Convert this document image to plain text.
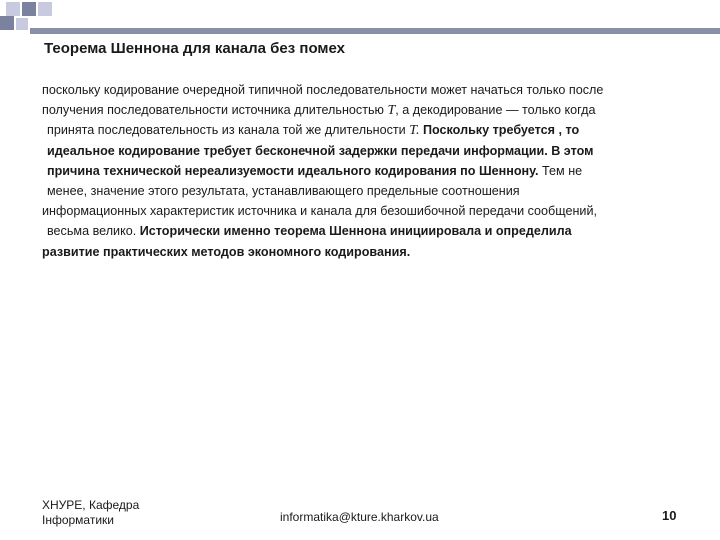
Теорема Шеннона для канала без помех
поскольку кодирование очередной типичной последовательности может начаться только после
получения последовательности источника длительностью T, а декодирование — только когда
принята последовательность из канала той же длительности T. Поскольку требуется , то
идеальное кодирование требует бесконечной задержки передачи информации. В этом
причина технической нереализуемости идеального кодирования по Шеннону. Тем не
менее, значение этого результата, устанавливающего предельные соотношения
информационных характеристик источника и канала для безошибочной передачи сообщений,
весьма велико. Исторически именно теорема Шеннона инициировала и определила
развитие практических методов экономного кодирования.
ХНУРЕ, Кафедра
Інформатики	informatika@kture.kharkov.ua	10
